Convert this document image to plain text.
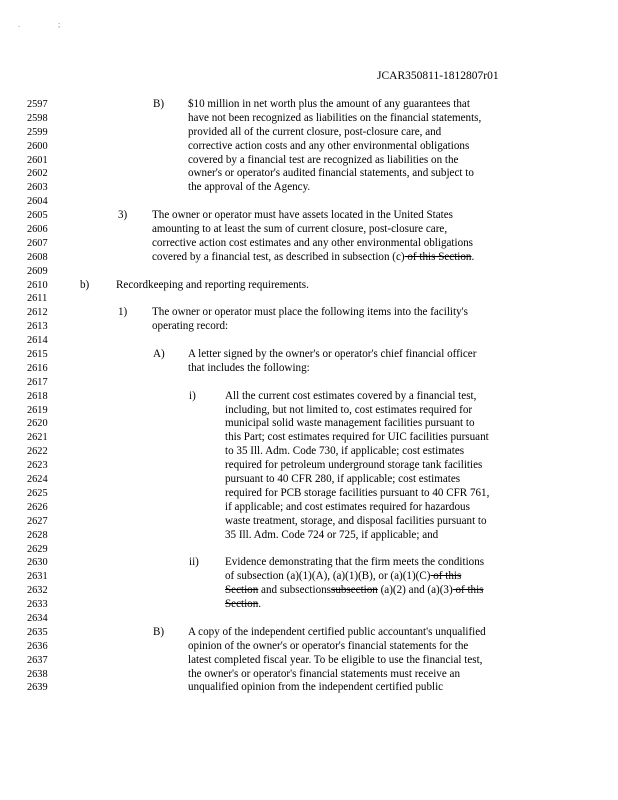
. ;
JCAR350811-1812807r01
2597	B) $10 million in net worth plus the amount of any guarantees that
2598	have not been recognized as liabilities on the financial statements,
2599	provided all of the current closure, post-closure care, and
2600	corrective action costs and any other environmental obligations
2601	covered by a financial test are recognized as liabilities on the
2602	owner's or operator's audited financial statements, and subject to
2603	the approval of the Agency.
2604
2605	3) The owner or operator must have assets located in the United States
2606	amounting to at least the sum of current closure, post-closure care,
2607	corrective action cost estimates and any other environmental obligations
2608	covered by a financial test, as described in subsection (c) of this Section.
2609
2610	b) Recordkeeping and reporting requirements.
2611
2612	1) The owner or operator must place the following items into the facility's
2613	operating record:
2614
2615	A) A letter signed by the owner's or operator's chief financial officer
2616	that includes the following:
2617
2618	i)	All the current cost estimates covered by a financial test,
2619	including, but not limited to, cost estimates required for
2620	municipal solid waste management facilities pursuant to
2621	this Part; cost estimates required for UIC facilities pursuant
2622	to 35 Ill. Adm. Code 730, if applicable; cost estimates
2623	required for petroleum underground storage tank facilities
2624	pursuant to 40 CFR 280, if applicable; cost estimates
2625	required for PCB storage facilities pursuant to 40 CFR 761,
2626	if applicable; and cost estimates required for hazardous
2627	waste treatment, storage, and disposal facilities pursuant to
2628	35 Ill. Adm. Code 724 or 725, if applicable; and
2629
2630	ii) Evidence demonstrating that the firm meets the conditions
2631	of subsection (a)(1)(A), (a)(1)(B), or (a)(1)(C) of this
2632	Section and subsectionssubsection (a)(2) and (a)(3) of this
2633	Section.
2634
2635	B) A copy of the independent certified public accountant's unqualified
2636	opinion of the owner's or operator's financial statements for the
2637	latest completed fiscal year. To be eligible to use the financial test,
2638	the owner's or operator's financial statements must receive an
2639	unqualified opinion from the independent certified public
